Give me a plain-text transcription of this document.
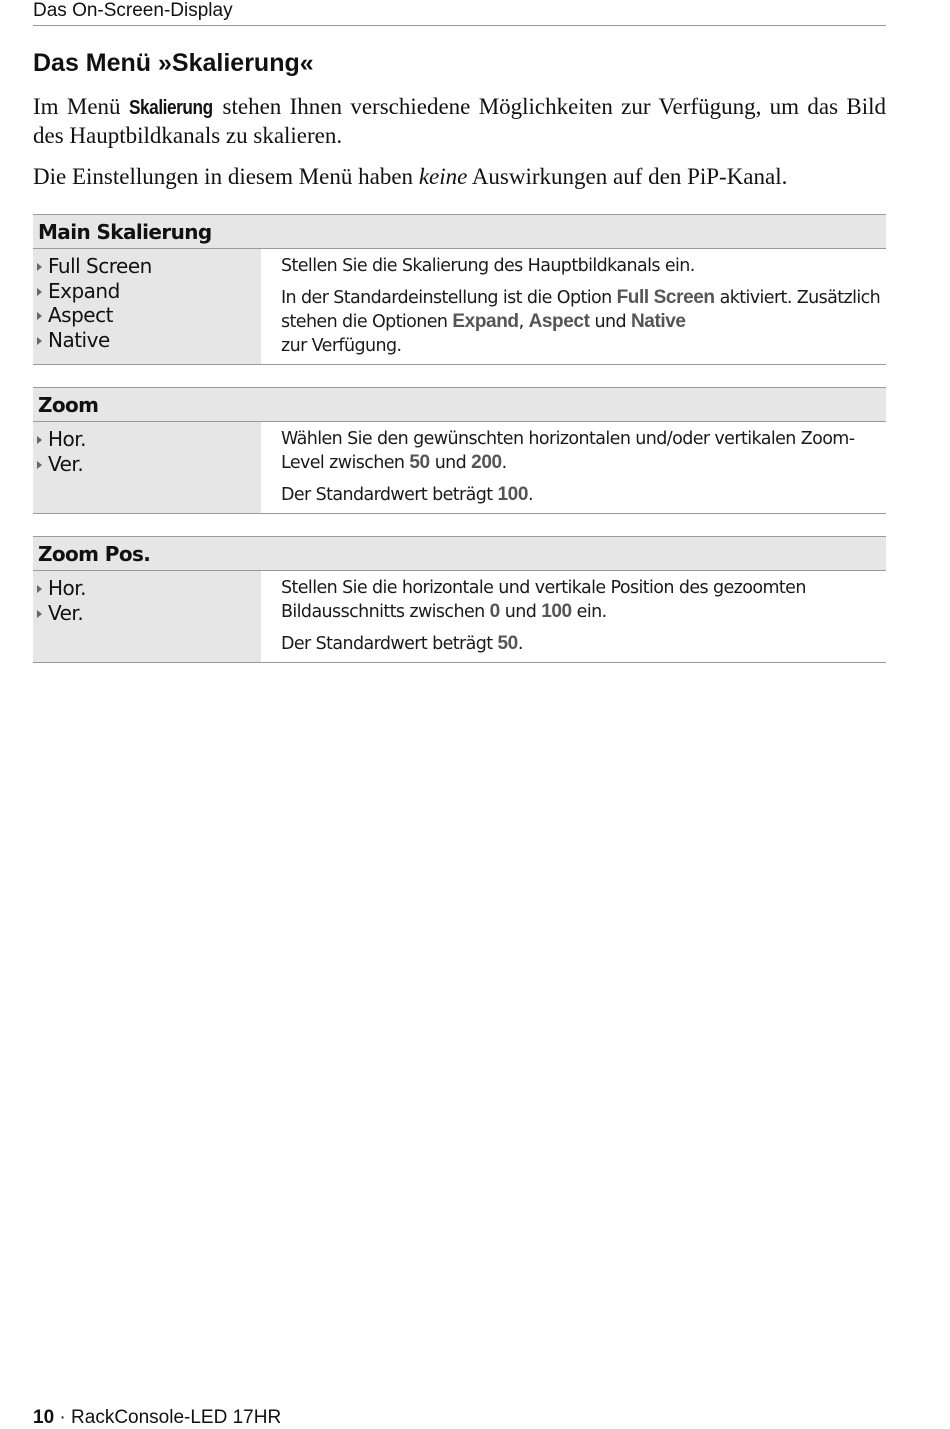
Das On-Screen-Display
Das Menü »Skalierung«

Im Menü Skalierung stehen Ihnen verschiedene Möglichkeiten zur Verfügung, um das Bild des Hauptbildkanals zu skalieren.

Die Einstellungen in diesem Menü haben keine Auswirkungen auf den PiP-Kanal.

Main Skalierung
Full Screen
Expand
Aspect
Native

Stellen Sie die Skalierung des Hauptbildkanals ein.

In der Standardeinstellung ist die Option Full Screen aktiviert. Zusätzlich stehen die Optionen Expand, Aspect und Native
zur Verfügung.

Zoom
Hor.
Ver.

Wählen Sie den gewünschten horizontalen und/oder vertikalen Zoom-Level zwischen 50 und 200.

Der Standardwert beträgt 100.

Zoom Pos.
Hor.
Ver.

Stellen Sie die horizontale und vertikale Position des gezoomten Bildausschnitts zwischen 0 und 100 ein.

Der Standardwert beträgt 50.

10 · RackConsole-LED 17HR
